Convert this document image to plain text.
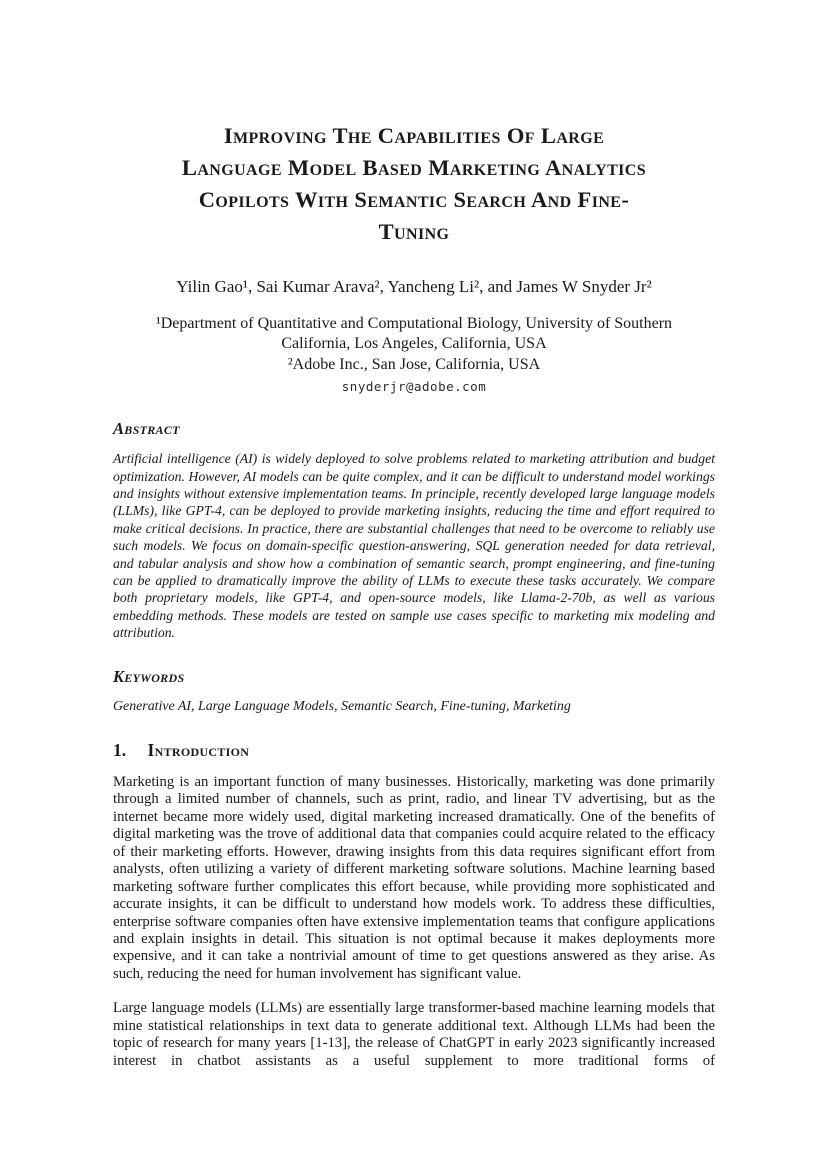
Improving The Capabilities Of Large
Language Model Based Marketing Analytics
Copilots With Semantic Search And Fine-
Tuning
Yilin Gao¹, Sai Kumar Arava², Yancheng Li², and James W Snyder Jr²
¹Department of Quantitative and Computational Biology, University of Southern
California, Los Angeles, California, USA
²Adobe Inc., San Jose, California, USA
snyderjr@adobe.com
Abstract

Artificial intelligence (AI) is widely deployed to solve problems related to marketing attribution and budget optimization. However, AI models can be quite complex, and it can be difficult to understand model workings and insights without extensive implementation teams. In principle, recently developed large language models (LLMs), like GPT-4, can be deployed to provide marketing insights, reducing the time and effort required to make critical decisions. In practice, there are substantial challenges that need to be overcome to reliably use such models. We focus on domain-specific question-answering, SQL generation needed for data retrieval, and tabular analysis and show how a combination of semantic search, prompt engineering, and fine-tuning can be applied to dramatically improve the ability of LLMs to execute these tasks accurately. We compare both proprietary models, like GPT-4, and open-source models, like Llama-2-70b, as well as various embedding methods. These models are tested on sample use cases specific to marketing mix modeling and attribution.

Keywords

Generative AI, Large Language Models, Semantic Search, Fine-tuning, Marketing

1. Introduction

Marketing is an important function of many businesses. Historically, marketing was done primarily through a limited number of channels, such as print, radio, and linear TV advertising, but as the internet became more widely used, digital marketing increased dramatically. One of the benefits of digital marketing was the trove of additional data that companies could acquire related to the efficacy of their marketing efforts. However, drawing insights from this data requires significant effort from analysts, often utilizing a variety of different marketing software solutions. Machine learning based marketing software further complicates this effort because, while providing more sophisticated and accurate insights, it can be difficult to understand how models work. To address these difficulties, enterprise software companies often have extensive implementation teams that configure applications and explain insights in detail. This situation is not optimal because it makes deployments more expensive, and it can take a nontrivial amount of time to get questions answered as they arise. As such, reducing the need for human involvement has significant value.

Large language models (LLMs) are essentially large transformer-based machine learning models that mine statistical relationships in text data to generate additional text. Although LLMs had been the topic of research for many years [1-13], the release of ChatGPT in early 2023 significantly increased interest in chatbot assistants as a useful supplement to more traditional forms of
